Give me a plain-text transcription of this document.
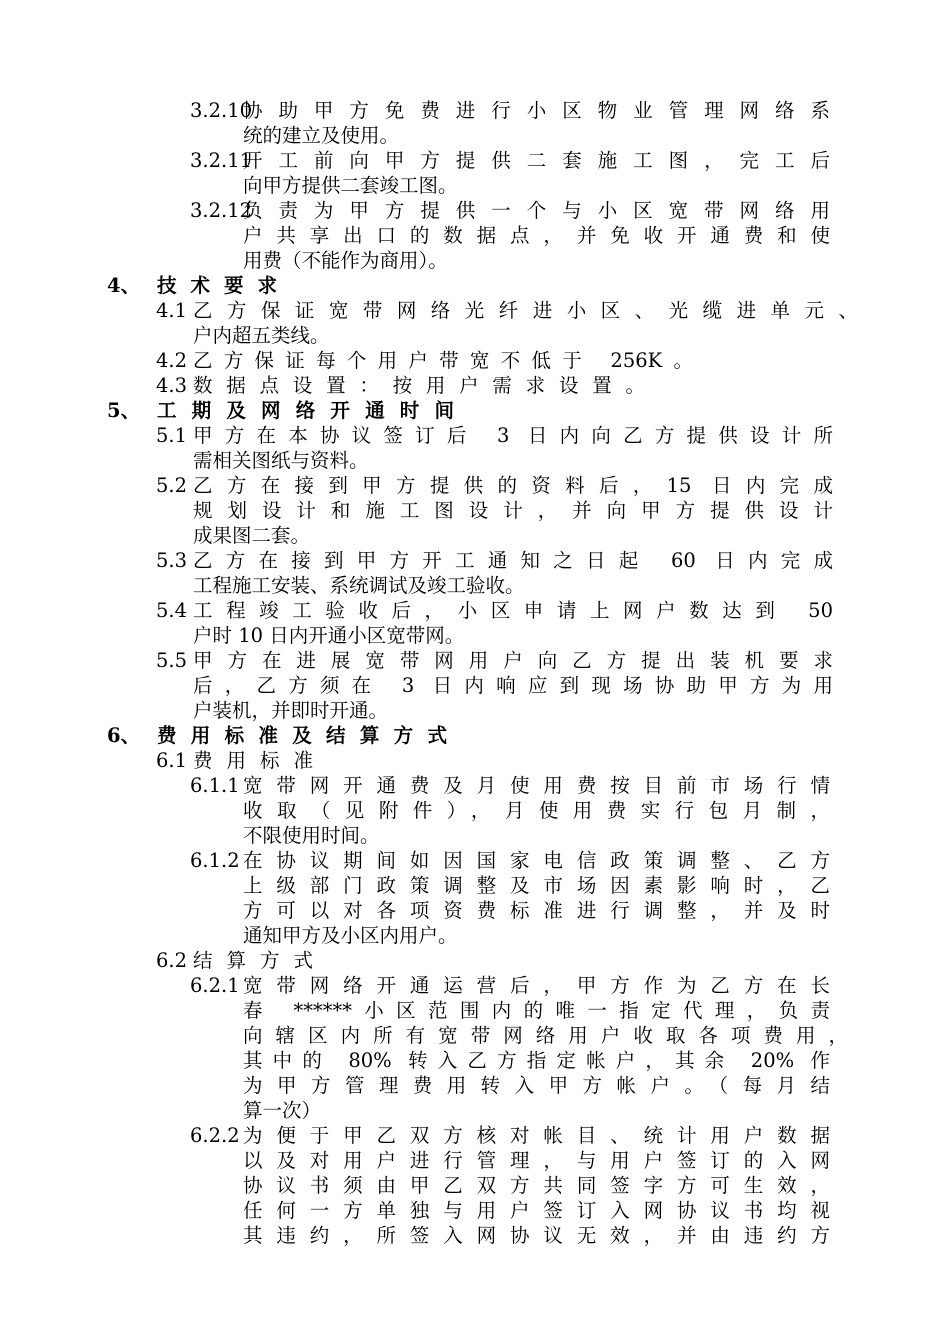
3.2.10
协助甲方免费进行小区物业管理网络系
统的建立及使用。
3.2.11
开工前向甲方提供二套施工图，完工后
向甲方提供二套竣工图。
3.2.12
负责为甲方提供一个与小区宽带网络用
户共享出口的数据点，并免收开通费和使
用费（不能作为商用）。
4、 技术要求
4.1 乙方保证宽带网络光纤进小区、光缆进单元、
户内超五类线。
4.2 乙方保证每个用户带宽不低于 256K。
4.3 数据点设置：按用户需求设置。
5、 工期及网络开通时间
5.1 甲方在本协议签订后 3 日内向乙方提供设计所
需相关图纸与资料。
5.2 乙方在接到甲方提供的资料后，15 日内完成
规划设计和施工图设计，并向甲方提供设计
成果图二套。
5.3 乙方在接到甲方开工通知之日起 60 日内完成
工程施工安装、系统调试及竣工验收。
5.4 工程竣工验收后，小区申请上网户数达到 50
户时 10 日内开通小区宽带网。
5.5 甲方在进展宽带网用户向乙方提出装机要求
后，乙方须在 3 日内响应到现场协助甲方为用
户装机，并即时开通。
6、 费用标准及结算方式
6.1 费用标准
6.1.1 宽带网开通费及月使用费按目前市场行情
收取（见附件），月使用费实行包月制，
不限使用时间。
6.1.2 在协议期间如因国家电信政策调整、乙方
上级部门政策调整及市场因素影响时，乙
方可以对各项资费标准进行调整，并及时
通知甲方及小区内用户。
6.2 结算方式
6.2.1 宽带网络开通运营后，甲方作为乙方在长
春 ******小区范围内的唯一指定代理，负责
向辖区内所有宽带网络用户收取各项费用，
其中的 80% 转入乙方指定帐户，其余 20% 作
为甲方管理费用转入甲方帐户。（每月结
算一次）
6.2.2 为便于甲乙双方核对帐目、统计用户数据
以及对用户进行管理，与用户签订的入网
协议书须由甲乙双方共同签字方可生效，
任何一方单独与用户签订入网协议书均视
其违约，所签入网协议无效，并由违约方
